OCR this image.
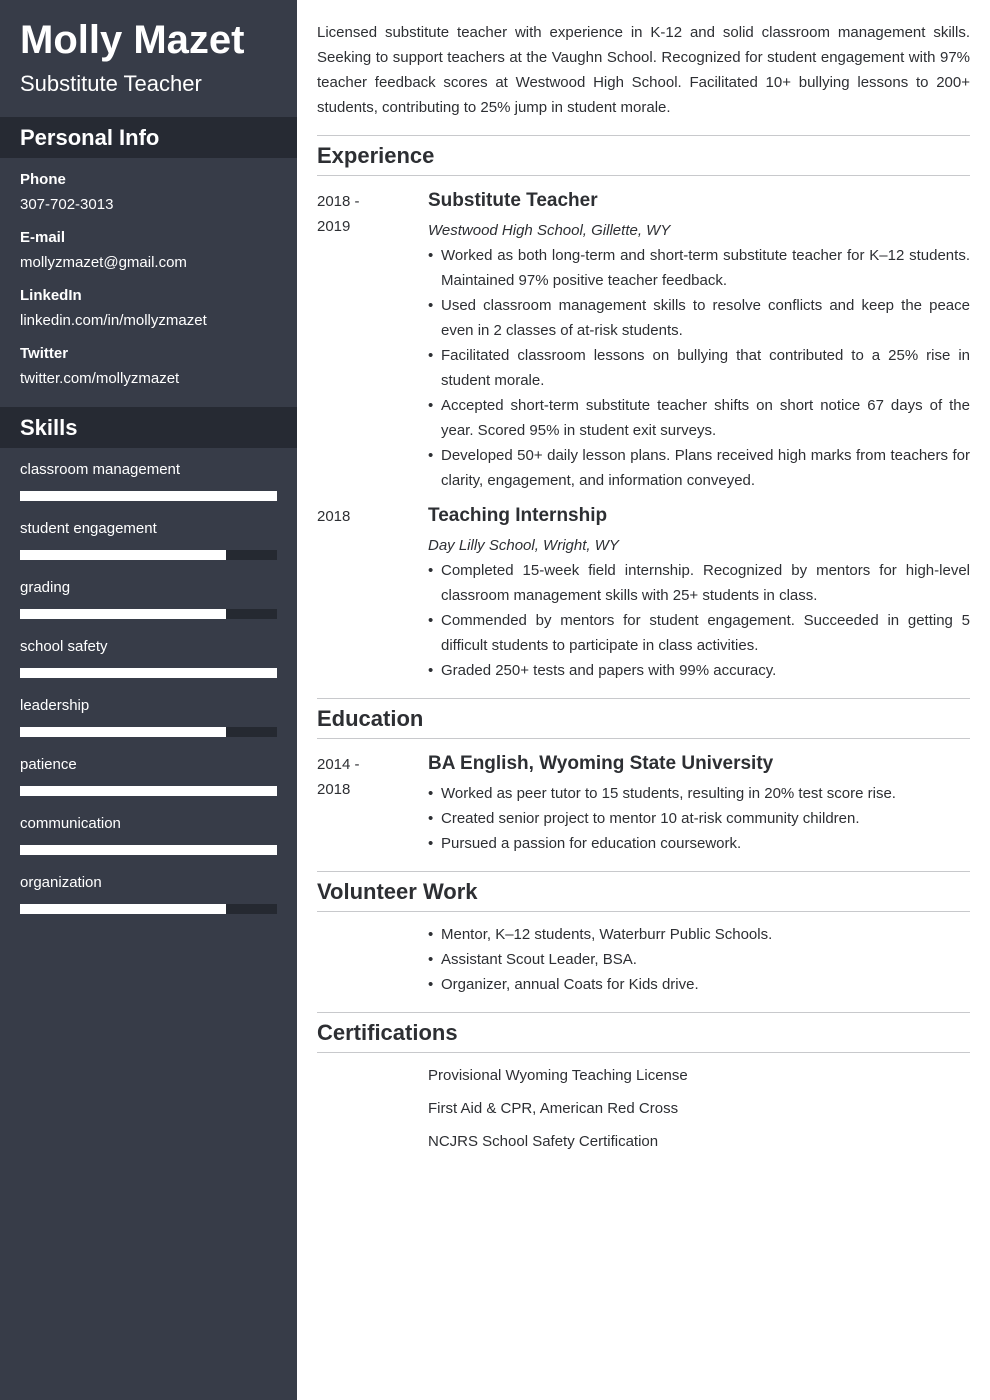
Molly Mazet
Substitute Teacher
Personal Info
Phone
307-702-3013
E-mail
mollyzmazet@gmail.com
LinkedIn
linkedin.com/in/mollyzmazet
Twitter
twitter.com/mollyzmazet
Skills
classroom management
student engagement
grading
school safety
leadership
patience
communication
organization
Licensed substitute teacher with experience in K-12 and solid classroom management skills. Seeking to support teachers at the Vaughn School. Recognized for student engagement with 97% teacher feedback scores at Westwood High School. Facilitated 10+ bullying lessons to 200+ students, contributing to 25% jump in student morale.
Experience
2018 -
2019
Substitute Teacher
Westwood High School, Gillette, WY
• Worked as both long-term and short-term substitute teacher for K–12 students. Maintained 97% positive teacher feedback.
• Used classroom management skills to resolve conflicts and keep the peace even in 2 classes of at-risk students.
• Facilitated classroom lessons on bullying that contributed to a 25% rise in student morale.
• Accepted short-term substitute teacher shifts on short notice 67 days of the year. Scored 95% in student exit surveys.
• Developed 50+ daily lesson plans. Plans received high marks from teachers for clarity, engagement, and information conveyed.
2018	Teaching Internship
Day Lilly School, Wright, WY
• Completed 15-week field internship. Recognized by mentors for high-level classroom management skills with 25+ students in class.
• Commended by mentors for student engagement. Succeeded in getting 5 difficult students to participate in class activities.
• Graded 250+ tests and papers with 99% accuracy.
Education
2014 -
2018
BA English, Wyoming State University
• Worked as peer tutor to 15 students, resulting in 20% test score rise.
• Created senior project to mentor 10 at-risk community children.
• Pursued a passion for education coursework.
Volunteer Work
• Mentor, K–12 students, Waterburr Public Schools.
• Assistant Scout Leader, BSA.
• Organizer, annual Coats for Kids drive.
Certifications
Provisional Wyoming Teaching License
First Aid & CPR, American Red Cross
NCJRS School Safety Certification
